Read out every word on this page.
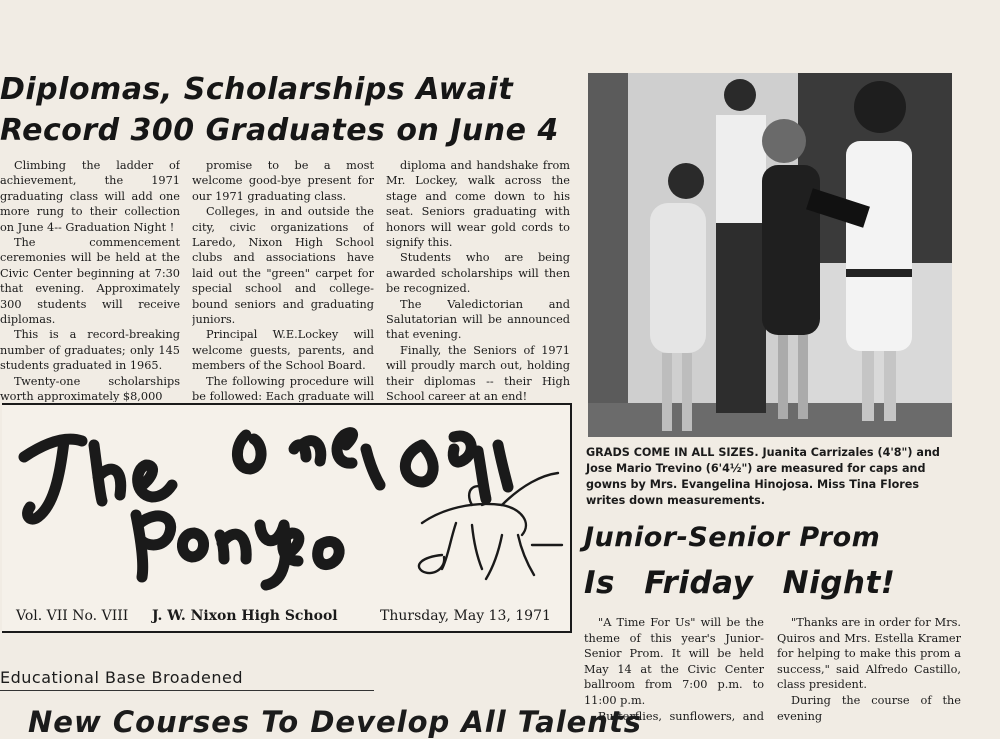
Diplomas, Scholarships Await
Record 300 Graduates on June 4

Climbing the ladder of achievement, the 1971 graduating class will add one more rung to their collection on June 4-- Graduation Night !

The commencement ceremonies will be held at the Civic Center beginning at 7:30 that evening. Approximately 300 students will receive diplomas.

This is a record-breaking number of graduates; only 145 students graduated in 1965.

Twenty-one scholarships worth approximately $8,000

promise to be a most welcome good-bye present for our 1971 graduating class.

Colleges, in and outside the city, civic organizations of Laredo, Nixon High School clubs and associations have laid out the "green" carpet for special school and college-bound seniors and graduating juniors.

Principal W.E.Lockey will welcome guests, parents, and members of the School Board.

The following procedure will be followed: Each graduate will

diploma and handshake from Mr. Lockey, walk across the stage and come down to his seat. Seniors graduating with honors will wear gold cords to signify this.

Students who are being awarded scholarships will then be recognized.

The Valedictorian and Salutatorian will be announced that evening.

Finally, the Seniors of 1971 will proudly march out, holding their diplomas -- their High School career at an end!

Vol. VII No. VIII J. W. Nixon High School	Thursday, May 13, 1971

GRADS COME IN ALL SIZES. Juanita Carrizales (4'8") and Jose Mario Trevino (6'4½") are measured for caps and gowns by Mrs. Evangelina Hinojosa. Miss Tina Flores writes down measurements.

Junior-Senior Prom
Is Friday Night!

"A Time For Us" will be the theme of this year's Junior-Senior Prom. It will be held May 14 at the Civic Center ballroom from 7:00 p.m. to 11:00 p.m.

Butterflies, sunflowers, and

"Thanks are in order for Mrs. Quiros and Mrs. Estella Kramer for helping to make this prom a success," said Alfredo Castillo, class president.

During the course of the evening

Educational Base Broadened
New Courses To Develop All Talents
